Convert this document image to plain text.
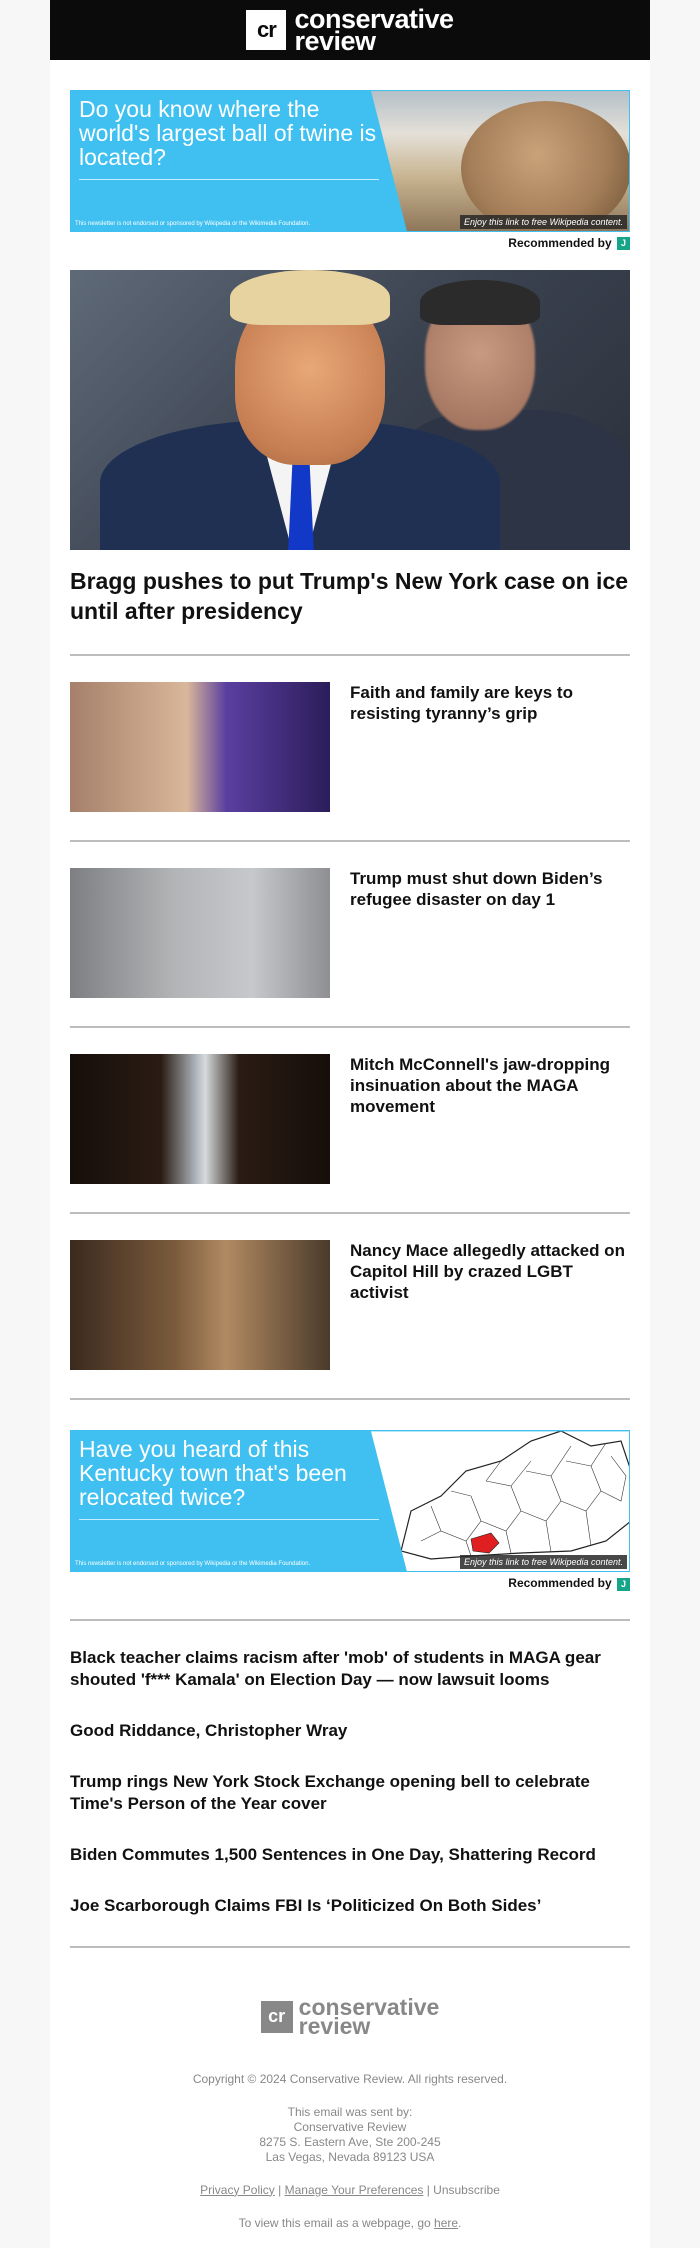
cr conservative
review
Do you know where the world's largest ball of twine is located?
This newsletter is not endorsed or sponsored by Wikipedia or the Wikimedia Foundation.	Enjoy this link to free Wikipedia content.
Recommended by J
Bragg pushes to put Trump's New York case on ice until after presidency
Faith and family are keys to resisting tyranny’s grip
Trump must shut down Biden’s refugee disaster on day 1
Mitch McConnell's jaw-dropping insinuation about the MAGA movement
Nancy Mace allegedly attacked on Capitol Hill by crazed LGBT activist
Have you heard of this Kentucky town that's been relocated twice?
This newsletter is not endorsed or sponsored by Wikipedia or the Wikimedia Foundation.	Enjoy this link to free Wikipedia content.
Recommended by J
Black teacher claims racism after 'mob' of students in MAGA gear shouted 'f*** Kamala' on Election Day — now lawsuit looms
Good Riddance, Christopher Wray
Trump rings New York Stock Exchange opening bell to celebrate Time's Person of the Year cover
Biden Commutes 1,500 Sentences in One Day, Shattering Record
Joe Scarborough Claims FBI Is ‘Politicized On Both Sides’
cr conservative
review

Copyright © 2024 Conservative Review. All rights reserved.

This email was sent by:

Conservative Review

8275 S. Eastern Ave, Ste 200-245

Las Vegas, Nevada 89123 USA

Privacy Policy | Manage Your Preferences | Unsubscribe

To view this email as a webpage, go here.
